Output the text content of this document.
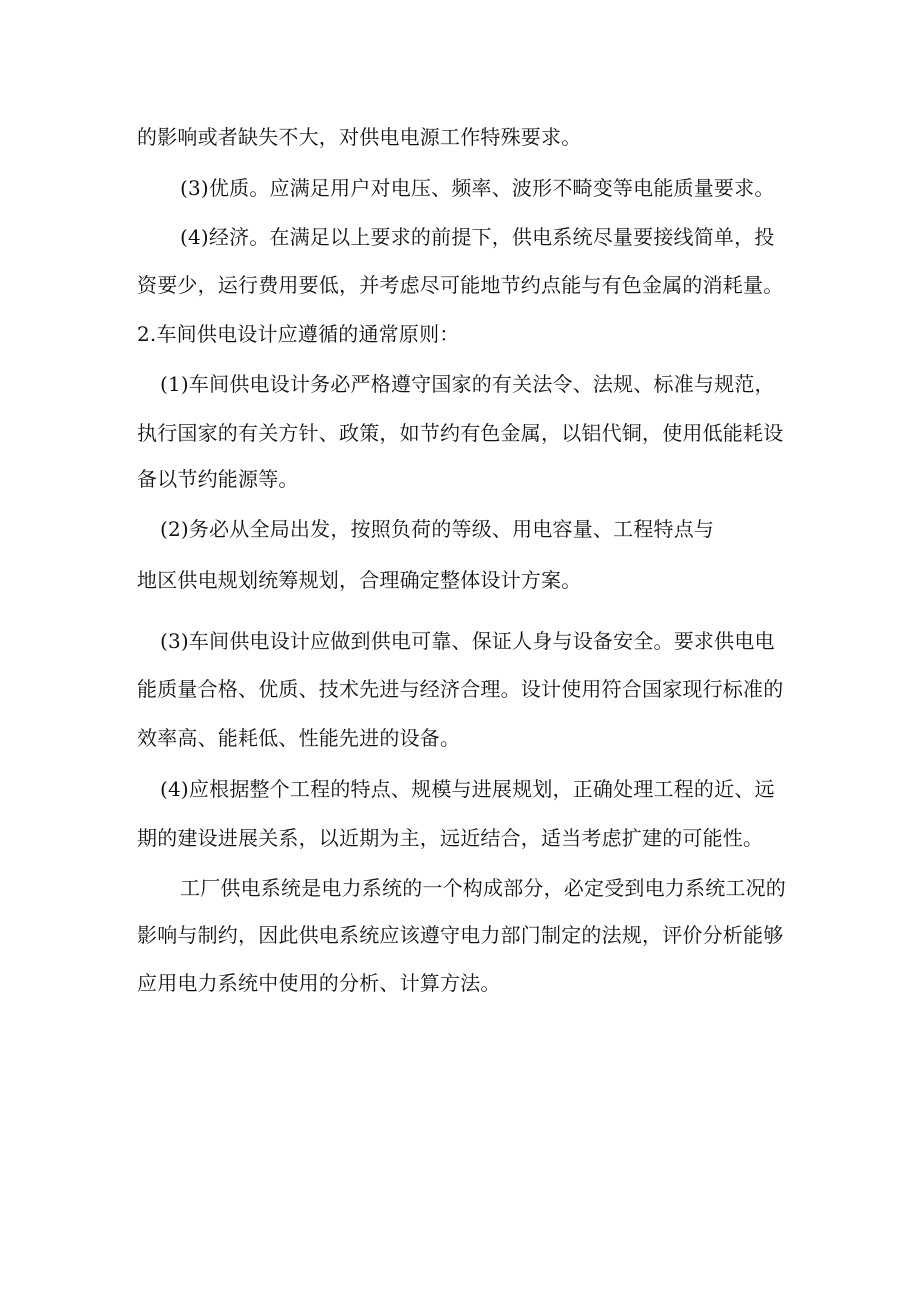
的影响或者缺失不大，对供电电源工作特殊要求。
(3)优质。应满足用户对电压、频率、波形不畸变等电能质量要求。
(4)经济。在满足以上要求的前提下，供电系统尽量要接线简单，投
资要少，运行费用要低，并考虑尽可能地节约点能与有色金属的消耗量。
2.车间供电设计应遵循的通常原则：
(1)车间供电设计务必严格遵守国家的有关法令、法规、标准与规范，
执行国家的有关方针、政策，如节约有色金属，以铝代铜，使用低能耗设
备以节约能源等。
(2)务必从全局出发，按照负荷的等级、用电容量、工程特点与
地区供电规划统筹规划，合理确定整体设计方案。
(3)车间供电设计应做到供电可靠、保证人身与设备安全。要求供电电
能质量合格、优质、技术先进与经济合理。设计使用符合国家现行标准的
效率高、能耗低、性能先进的设备。
(4)应根据整个工程的特点、规模与进展规划，正确处理工程的近、远
期的建设进展关系，以近期为主，远近结合，适当考虑扩建的可能性。
工厂供电系统是电力系统的一个构成部分，必定受到电力系统工况的
影响与制约，因此供电系统应该遵守电力部门制定的法规，评价分析能够
应用电力系统中使用的分析、计算方法。
